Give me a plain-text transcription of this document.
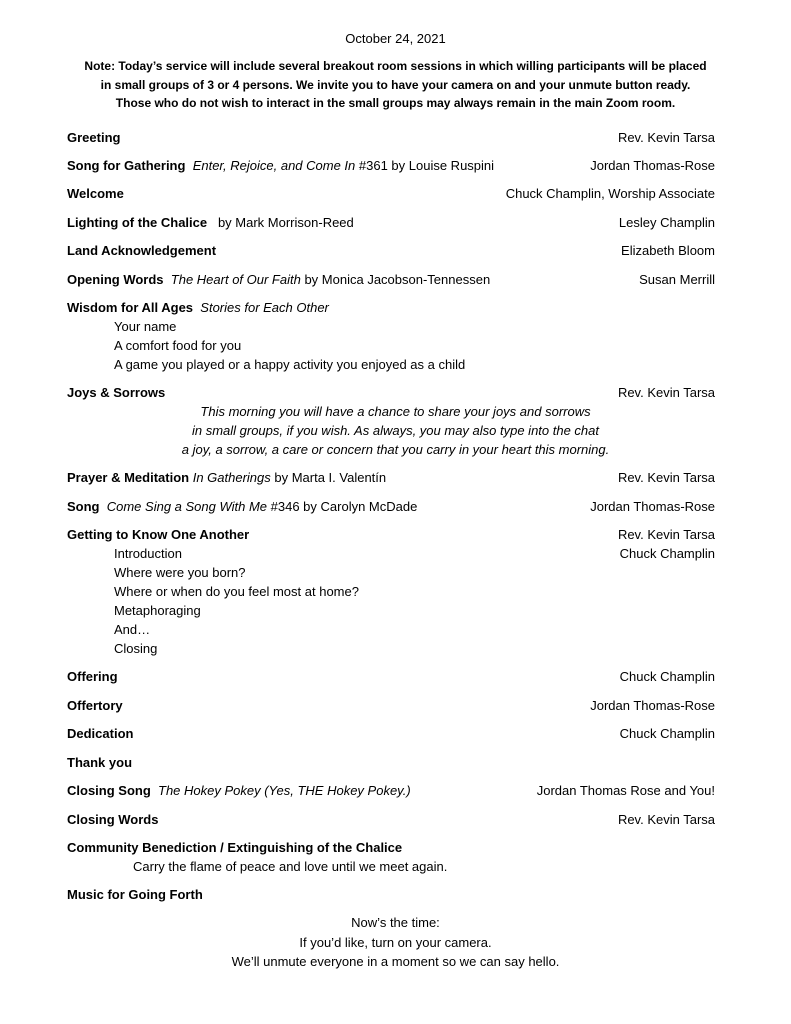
October 24, 2021
Note: Today’s service will include several breakout room sessions in which willing participants will be placed
in small groups of 3 or 4 persons. We invite you to have your camera on and your unmute button ready.
Those who do not wish to interact in the small groups may always remain in the main Zoom room.
Greeting	Rev. Kevin Tarsa
Song for Gathering Enter, Rejoice, and Come In #361 by Louise Ruspini	Jordan Thomas-Rose
Welcome	Chuck Champlin, Worship Associate
Lighting of the Chalice by Mark Morrison-Reed	Lesley Champlin
Land Acknowledgement	Elizabeth Bloom
Opening Words The Heart of Our Faith by Monica Jacobson-Tennessen	Susan Merrill
Wisdom for All Ages Stories for Each Other
Your name
A comfort food for you
A game you played or a happy activity you enjoyed as a child
Joys & Sorrows	Rev. Kevin Tarsa
This morning you will have a chance to share your joys and sorrows
in small groups, if you wish. As always, you may also type into the chat
a joy, a sorrow, a care or concern that you carry in your heart this morning.
Prayer & Meditation In Gatherings by Marta I. Valentín	Rev. Kevin Tarsa
Song Come Sing a Song With Me #346 by Carolyn McDade	Jordan Thomas-Rose
Getting to Know One Another	Rev. Kevin Tarsa
Introduction	Chuck Champlin
Where were you born?
Where or when do you feel most at home?
Metaphoraging
And…
Closing
Offering	Chuck Champlin
Offertory	Jordan Thomas-Rose
Dedication	Chuck Champlin
Thank you
Closing Song The Hokey Pokey (Yes, THE Hokey Pokey.)	Jordan Thomas Rose and You!
Closing Words	Rev. Kevin Tarsa
Community Benediction / Extinguishing of the Chalice
Carry the flame of peace and love until we meet again.
Music for Going Forth
Now’s the time:
If you’d like, turn on your camera.
We’ll unmute everyone in a moment so we can say hello.
